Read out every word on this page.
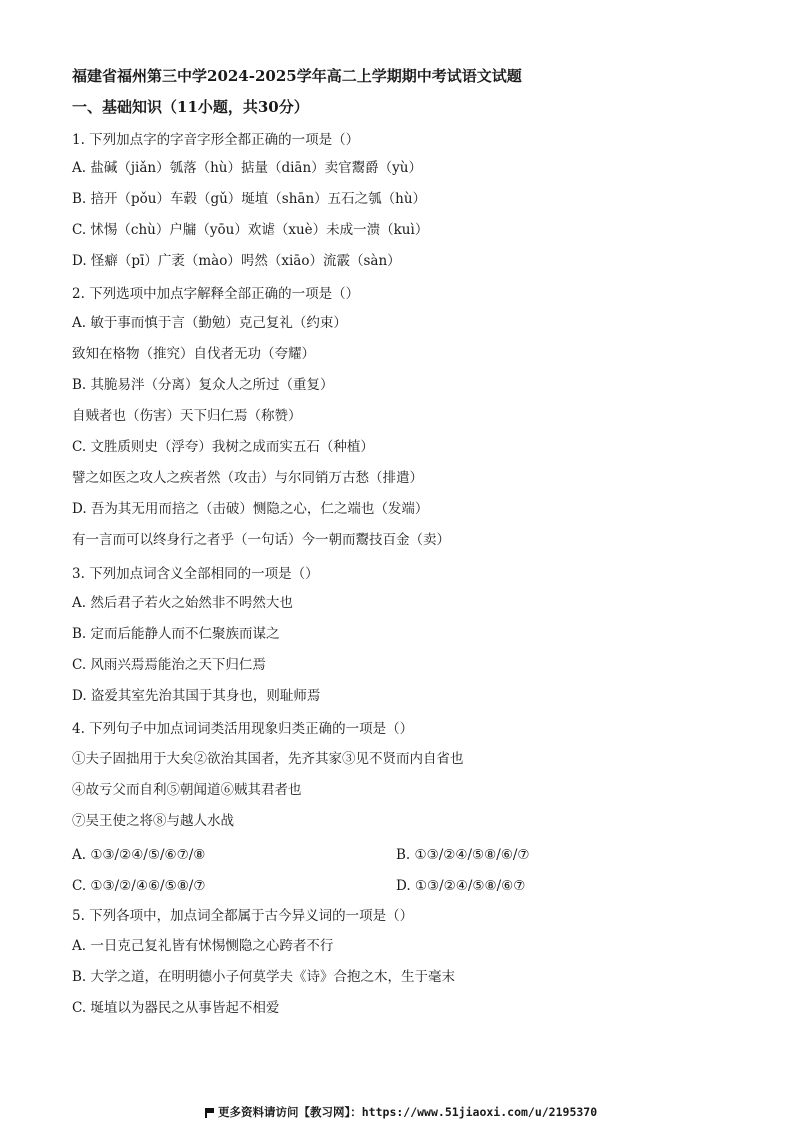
福建省福州第三中学2024-2025学年高二上学期期中考试语文试题
一、基础知识（11小题，共30分）
1. 下列加点字的字音字形全都正确的一项是（）
A. 盐碱（jiǎn）瓠落（hù）掂量（diān）卖官鬻爵（yù）
B. 掊开（pǒu）车毂（gǔ）埏埴（shān）五石之瓠（hù）
C. 怵惕（chù）户牖（yōu）欢谑（xuè）未成一溃（kuì）
D. 怪癖（pī）广袤（mào）呺然（xiāo）流霰（sàn）
2. 下列选项中加点字解释全部正确的一项是（）
A. 敏于事而慎于言（勤勉）克己复礼（约束）
致知在格物（推究）自伐者无功（夸耀）
B. 其脆易泮（分离）复众人之所过（重复）
自贼者也（伤害）天下归仁焉（称赞）
C. 文胜质则史（浮夸）我树之成而实五石（种植）
譬之如医之攻人之疾者然（攻击）与尔同销万古愁（排遣）
D. 吾为其无用而掊之（击破）恻隐之心，仁之端也（发端）
有一言而可以终身行之者乎（一句话）今一朝而鬻技百金（卖）
3. 下列加点词含义全部相同的一项是（）
A. 然后君子若火之始然非不呺然大也
B. 定而后能静人而不仁聚族而谋之
C. 风雨兴焉焉能治之天下归仁焉
D. 盗爱其室先治其国于其身也，则耻师焉
4. 下列句子中加点词词类活用现象归类正确的一项是（）
①夫子固拙用于大矣②欲治其国者，先齐其家③见不贤而内自省也
④故亏父而自利⑤朝闻道⑥贼其君者也
⑦吴王使之将⑧与越人水战
A. ①③/②④/⑤/⑥⑦/⑧	B. ①③/②④/⑤⑧/⑥/⑦
C. ①③/②/④⑥/⑤⑧/⑦	D. ①③/②④/⑤⑧/⑥⑦
5. 下列各项中，加点词全都属于古今异义词的一项是（）
A. 一日克己复礼皆有怵惕恻隐之心跨者不行
B. 大学之道，在明明德小子何莫学夫《诗》合抱之木，生于毫末
C. 埏埴以为器民之从事皆起不相爱
更多资料请访问【教习网】：https://www.51jiaoxi.com/u/2195370
